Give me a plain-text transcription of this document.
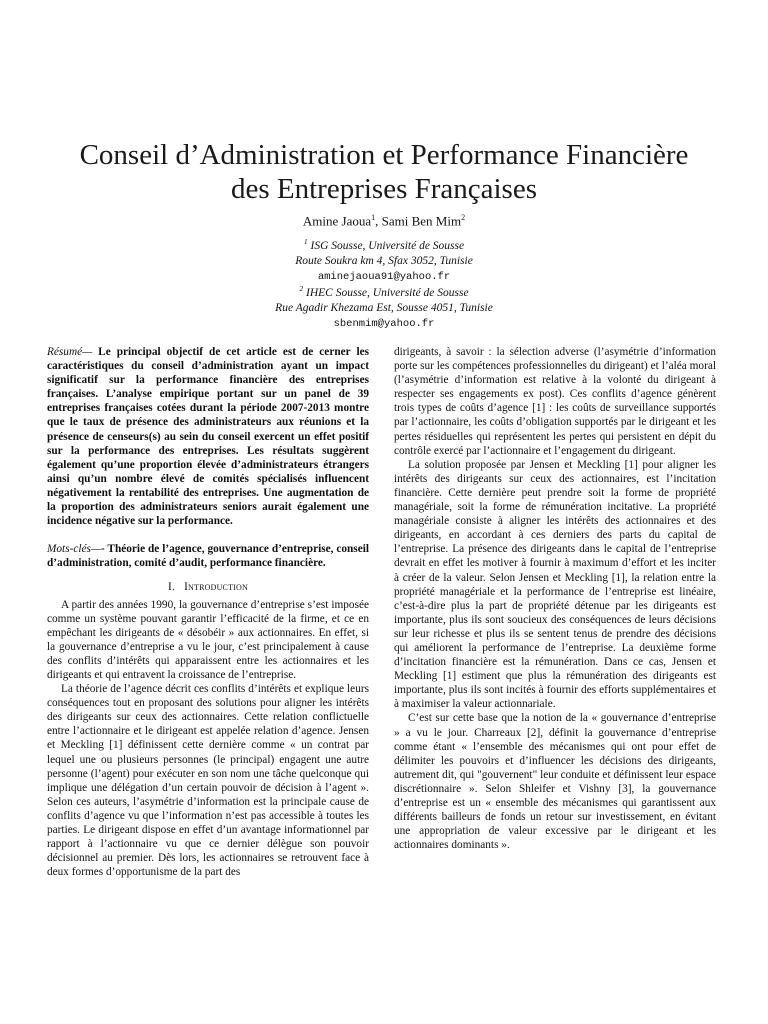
Conseil d’Administration et Performance Financière
des Entreprises Françaises
Amine Jaoua$^1$, Sami Ben Mim$^2$
$^1$ ISG Sousse, Université de Sousse
Route Soukra km 4, Sfax 3052, Tunisie
aminejaoua91@yahoo.fr
$^2$ IHEC Sousse, Université de Sousse
Rue Agadir Khezama Est, Sousse 4051, Tunisie
sbenmim@yahoo.fr

Résumé— Le principal objectif de cet article est de cerner les caractéristiques du conseil d’administration ayant un impact significatif sur la performance financière des entreprises françaises. L’analyse empirique portant sur un panel de 39 entreprises françaises cotées durant la période 2007-2013 montre que le taux de présence des administrateurs aux réunions et la présence de censeurs(s) au sein du conseil exercent un effet positif sur la performance des entreprises. Les résultats suggèrent également qu’une proportion élevée d’administrateurs étrangers ainsi qu’un nombre élevé de comités spécialisés influencent négativement la rentabilité des entreprises. Une augmentation de la proportion des administrateurs seniors aurait également une incidence négative sur la performance.

Mots-clés—- Théorie de l’agence, gouvernance d’entreprise, conseil d’administration, comité d’audit, performance financière.

I. Introduction

A partir des années 1990, la gouvernance d’entreprise s’est imposée comme un système pouvant garantir l’efficacité de la firme, et ce en empêchant les dirigeants de « désobéir » aux actionnaires. En effet, si la gouvernance d’entreprise a vu le jour, c’est principalement à cause des conflits d’intérêts qui apparaissent entre les actionnaires et les dirigeants et qui entravent la croissance de l’entreprise.

La théorie de l’agence décrit ces conflits d’intérêts et explique leurs conséquences tout en proposant des solutions pour aligner les intérêts des dirigeants sur ceux des actionnaires. Cette relation conflictuelle entre l’actionnaire et le dirigeant est appelée relation d’agence. Jensen et Meckling [1] définissent cette dernière comme « un contrat par lequel une ou plusieurs personnes (le principal) engagent une autre personne (l’agent) pour exécuter en son nom une tâche quelconque qui implique une délégation d’un certain pouvoir de décision à l’agent ». Selon ces auteurs, l’asymétrie d’information est la principale cause de conflits d’agence vu que l’information n’est pas accessible à toutes les parties. Le dirigeant dispose en effet d’un avantage informationnel par rapport à l’actionnaire vu que ce dernier délègue son pouvoir décisionnel au premier. Dès lors, les actionnaires se retrouvent face à deux formes d’opportunisme de la part des

dirigeants, à savoir : la sélection adverse (l’asymétrie d’information porte sur les compétences professionnelles du dirigeant) et l’aléa moral (l’asymétrie d’information est relative à la volonté du dirigeant à respecter ses engagements ex post). Ces conflits d’agence génèrent trois types de coûts d’agence [1] : les coûts de surveillance supportés par l’actionnaire, les coûts d’obligation supportés par le dirigeant et les pertes résiduelles qui représentent les pertes qui persistent en dépit du contrôle exercé par l’actionnaire et l’engagement du dirigeant.

La solution proposée par Jensen et Meckling [1] pour aligner les intérêts des dirigeants sur ceux des actionnaires, est l’incitation financière. Cette dernière peut prendre soit la forme de propriété managériale, soit la forme de rémunération incitative. La propriété managériale consiste à aligner les intérêts des actionnaires et des dirigeants, en accordant à ces derniers des parts du capital de l’entreprise. La présence des dirigeants dans le capital de l’entreprise devrait en effet les motiver à fournir à maximum d’effort et les inciter à créer de la valeur. Selon Jensen et Meckling [1], la relation entre la propriété managériale et la performance de l’entreprise est linéaire, c’est-à-dire plus la part de propriété détenue par les dirigeants est importante, plus ils sont soucieux des conséquences de leurs décisions sur leur richesse et plus ils se sentent tenus de prendre des décisions qui améliorent la performance de l’entreprise. La deuxième forme d’incitation financière est la rémunération. Dans ce cas, Jensen et Meckling [1] estiment que plus la rémunération des dirigeants est importante, plus ils sont incités à fournir des efforts supplémentaires et à maximiser la valeur actionnariale.

C’est sur cette base que la notion de la « gouvernance d’entreprise » a vu le jour. Charreaux [2], définit la gouvernance d’entreprise comme étant « l’ensemble des mécanismes qui ont pour effet de délimiter les pouvoirs et d’influencer les décisions des dirigeants, autrement dit, qui "gouvernent" leur conduite et définissent leur espace discrétionnaire ». Selon Shleifer et Vishny [3], la gouvernance d’entreprise est un « ensemble des mécanismes qui garantissent aux différents bailleurs de fonds un retour sur investissement, en évitant une appropriation de valeur excessive par le dirigeant et les actionnaires dominants ».
